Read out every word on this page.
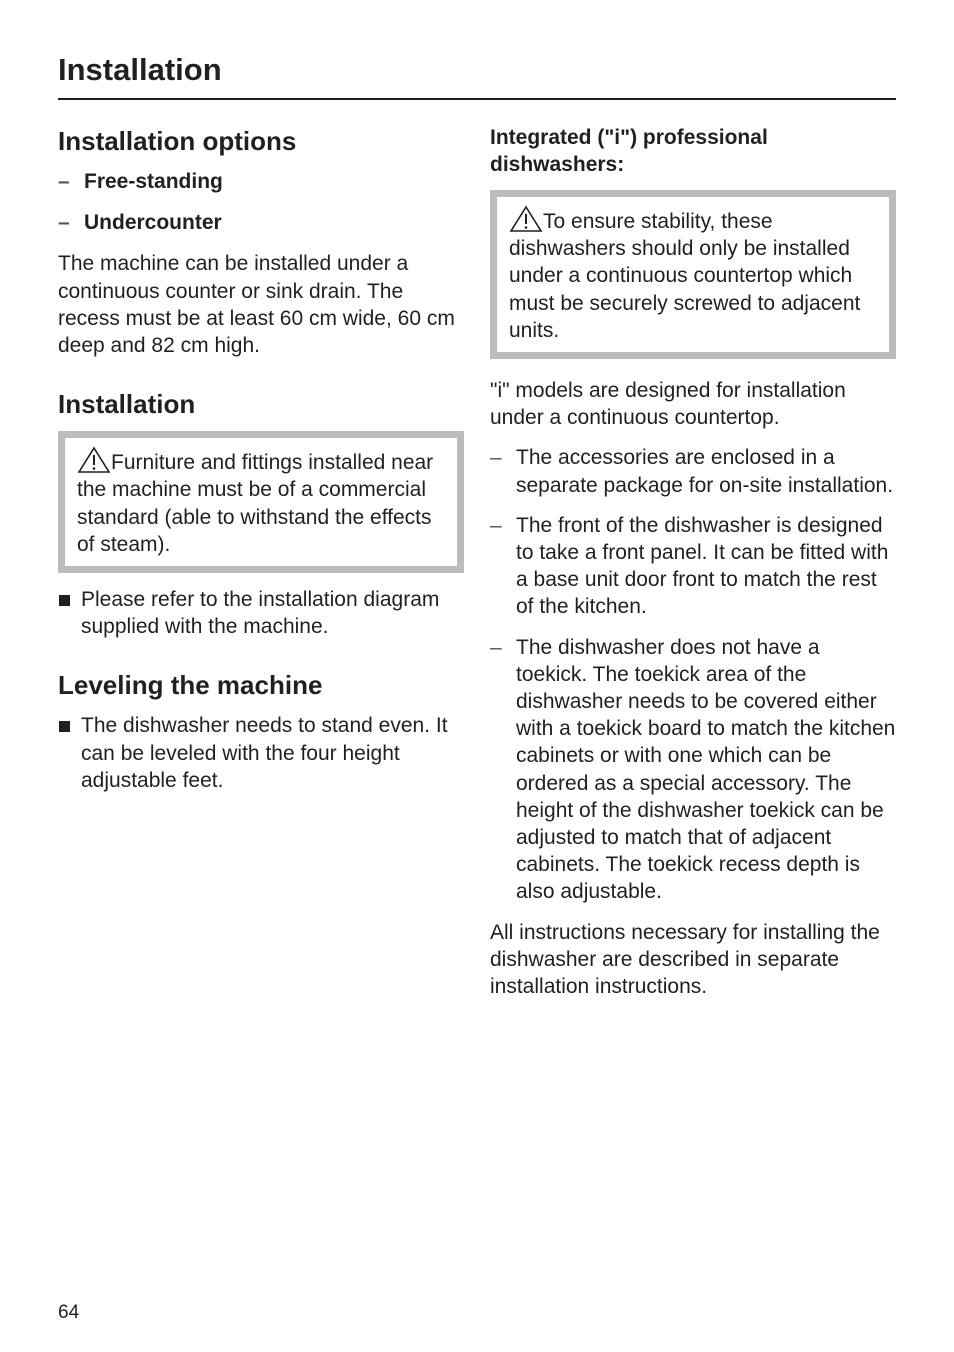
Installation
Installation options
– Free-standing
– Undercounter

The machine can be installed under a continuous counter or sink drain. The recess must be at least 60 cm wide, 60 cm deep and 82 cm high.

Installation
Furniture and fittings installed near the machine must be of a commercial standard (able to withstand the effects of steam).
Please refer to the installation diagram supplied with the machine.
Leveling the machine
The dishwasher needs to stand even. It can be leveled with the four height adjustable feet.
Integrated ("i") professional dishwashers:
To ensure stability, these dishwashers should only be installed under a continuous countertop which must be securely screwed to adjacent units.

"i" models are designed for installation under a continuous countertop.

– The accessories are enclosed in a separate package for on-site installation.
– The front of the dishwasher is designed to take a front panel. It can be fitted with a base unit door front to match the rest of the kitchen.
– The dishwasher does not have a toekick. The toekick area of the dishwasher needs to be covered either with a toekick board to match the kitchen cabinets or with one which can be ordered as a special accessory. The height of the dishwasher toekick can be adjusted to match that of adjacent cabinets. The toekick recess depth is also adjustable.

All instructions necessary for installing the dishwasher are described in separate installation instructions.

64
